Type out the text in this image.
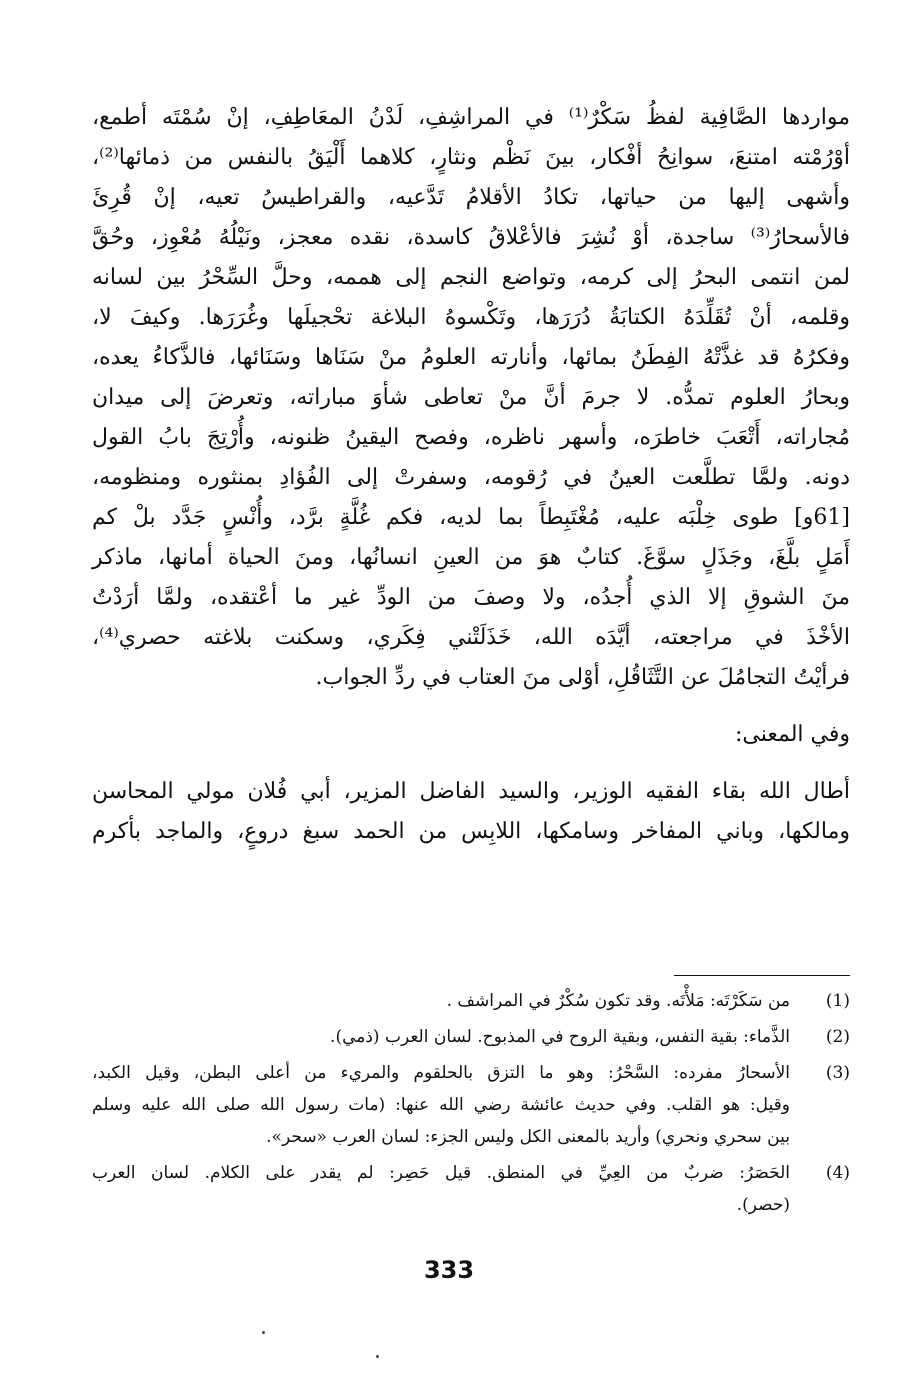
مواردها الصَّافِية لفظُ سَكْرٌ⁽¹⁾ في المراشِفِ، لَدْنُ المعَاطِفِ، إنْ سُمْتَه أطمع،
أوْرُمْته امتنعَ، سوانِحُ أفْكار، بينَ نَظْم ونثارٍ، كلاهما أَلْيَقُ بالنفس من ذمائها⁽²⁾،
وأشهى إليها من حياتها، تكادُ الأقلامُ تَدَّعيه، والقراطيسُ تعيه، إنْ قُرِئَ
فالأسحارُ⁽³⁾ ساجدة، أوْ نُشِرَ فالأعْلاقُ كاسدة، نقده معجز، ونَيْلُهُ مُعْوِز، وحُقَّ
لمن انتمى البحرُ إلى كرمه، وتواضع النجم إلى هممه، وحلَّ السِّحْرُ بين لسانه
وقلمه، أنْ تُقَلِّدَهُ الكتابَةُ دُرَرَها، وتَكْسوهُ البلاغة تحْجيلَها وغُرَرَها. وكيفَ لا،
وفكرُهُ قد غذَّتْهُ الفِطَنُ بمائها، وأنارته العلومُ منْ سَنَاها وسَنَائها، فالذَّكاءُ يعده،
وبحارُ العلوم تمدُّه. لا جرمَ أنَّ منْ تعاطى شأوَ مباراته، وتعرضَ إلى ميدان
مُجاراته، أَتْعَبَ خاطرَه، وأسهر ناظره، وفصح اليقينُ ظنونه، وأُرْتِجَ بابُ القول
دونه. ولمَّا تطلَّعت العينُ في رُقومه، وسفرتْ إلى الفُؤادِ بمنثوره ومنظومه،
[61و] طوى خِلْبَه عليه، مُغْتَبِطاً بما لديه، فكم غُلَّةٍ برَّد، وأُنْسٍ جَدَّد بلْ كم
أَمَلٍ بلَّغَ، وجَذَلٍ سوَّغَ. كتابٌ هوَ من العينِ انسانُها، ومنَ الحياة أمانها، ماذكر
منَ الشوقِ إلا الذي أُجدُه، ولا وصفَ من الودِّ غير ما أعْتقده، ولمَّا أرَدْتُ
الأخْذَ في مراجعته، أيَّدَه الله، خَذَلَتْني فِكَري، وسكنت بلاغته حصري⁽⁴⁾،
فرأيْتُ التجامُلَ عن التَّثَاقُلِ، أوْلى منَ العتاب في ردِّ الجواب.
وفي المعنى:
أطال الله بقاء الفقيه الوزير، والسيد الفاضل المزير، أبي فُلان مولي المحاسن
ومالكها، وباني المفاخر وسامكها، اللابِس من الحمد سبغ دروعٍ، والماجد بأكرم
(1)
من سَكَرْتَه: مَلأْتَه. وقد تكون سُكْرٌ في المراشف .
(2)
الذَّماء: بقية النفس، وبقية الروح في المذبوح. لسان العرب (ذمي).
(3)
الأسحارُ مفرده: السَّحْرُ: وهو ما التزق بالحلقوم والمريء من أعلى البطن، وقيل الكبد،
وقيل: هو القلب. وفي حديث عائشة رضي الله عنها: (مات رسول الله صلى الله عليه وسلم
بين سحري ونحري) وأريد بالمعنى الكل وليس الجزء: لسان العرب «سحر».
(4)
الحَصَرُ: ضربٌ من العِيِّ في المنطق. قيل حَصِر: لم يقدر على الكلام. لسان العرب
(حصر).
333
